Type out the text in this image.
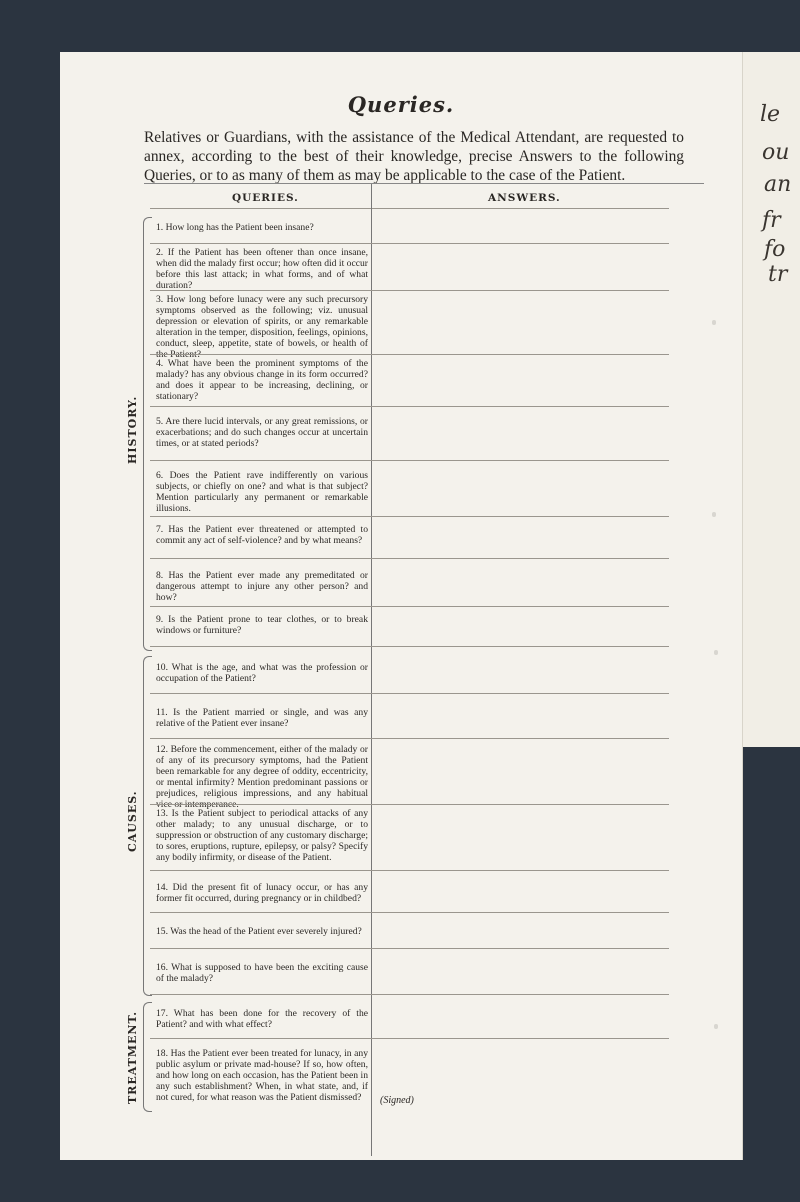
le
ou
an
fr
fo
tr
Queries.
Relatives or Guardians, with the assistance of the Medical Attendant, are requested to annex, according to the best of their knowledge, precise Answers to the following Queries, or to as many of them as may be applicable to the case of the Patient.
QUERIES.	ANSWERS.
HISTORY.
CAUSES.
TREATMENT.
1. How long has the Patient been insane?
2. If the Patient has been oftener than once insane, when did the malady first occur; how often did it occur before this last attack; in what forms, and of what duration?
3. How long before lunacy were any such precursory symptoms observed as the following; viz. unusual depression or elevation of spirits, or any remarkable alteration in the temper, disposition, feelings, opinions, conduct, sleep, appetite, state of bowels, or health of the Patient?
4. What have been the prominent symptoms of the malady? has any obvious change in its form occurred? and does it appear to be increasing, declining, or stationary?
5. Are there lucid intervals, or any great remissions, or exacerbations; and do such changes occur at uncertain times, or at stated periods?
6. Does the Patient rave indifferently on various subjects, or chiefly on one? and what is that subject? Mention particularly any permanent or remarkable illusions.
7. Has the Patient ever threatened or attempted to commit any act of self-violence? and by what means?
8. Has the Patient ever made any premeditated or dangerous attempt to injure any other person? and how?
9. Is the Patient prone to tear clothes, or to break windows or furniture?
10. What is the age, and what was the profession or occupation of the Patient?
11. Is the Patient married or single, and was any relative of the Patient ever insane?
12. Before the commencement, either of the malady or of any of its precursory symptoms, had the Patient been remarkable for any degree of oddity, eccentricity, or mental infirmity? Mention predominant passions or prejudices, religious impressions, and any habitual vice or intemperance.
13. Is the Patient subject to periodical attacks of any other malady; to any unusual discharge, or to suppression or obstruction of any customary discharge; to sores, eruptions, rupture, epilepsy, or palsy? Specify any bodily infirmity, or disease of the Patient.
14. Did the present fit of lunacy occur, or has any former fit occurred, during pregnancy or in childbed?
15. Was the head of the Patient ever severely injured?
16. What is supposed to have been the exciting cause of the malady?
17. What has been done for the recovery of the Patient? and with what effect?
18. Has the Patient ever been treated for lunacy, in any public asylum or private mad-house? If so, how often, and how long on each occasion, has the Patient been in any such establishment? When, in what state, and, if not cured, for what reason was the Patient dismissed?	(Signed)
